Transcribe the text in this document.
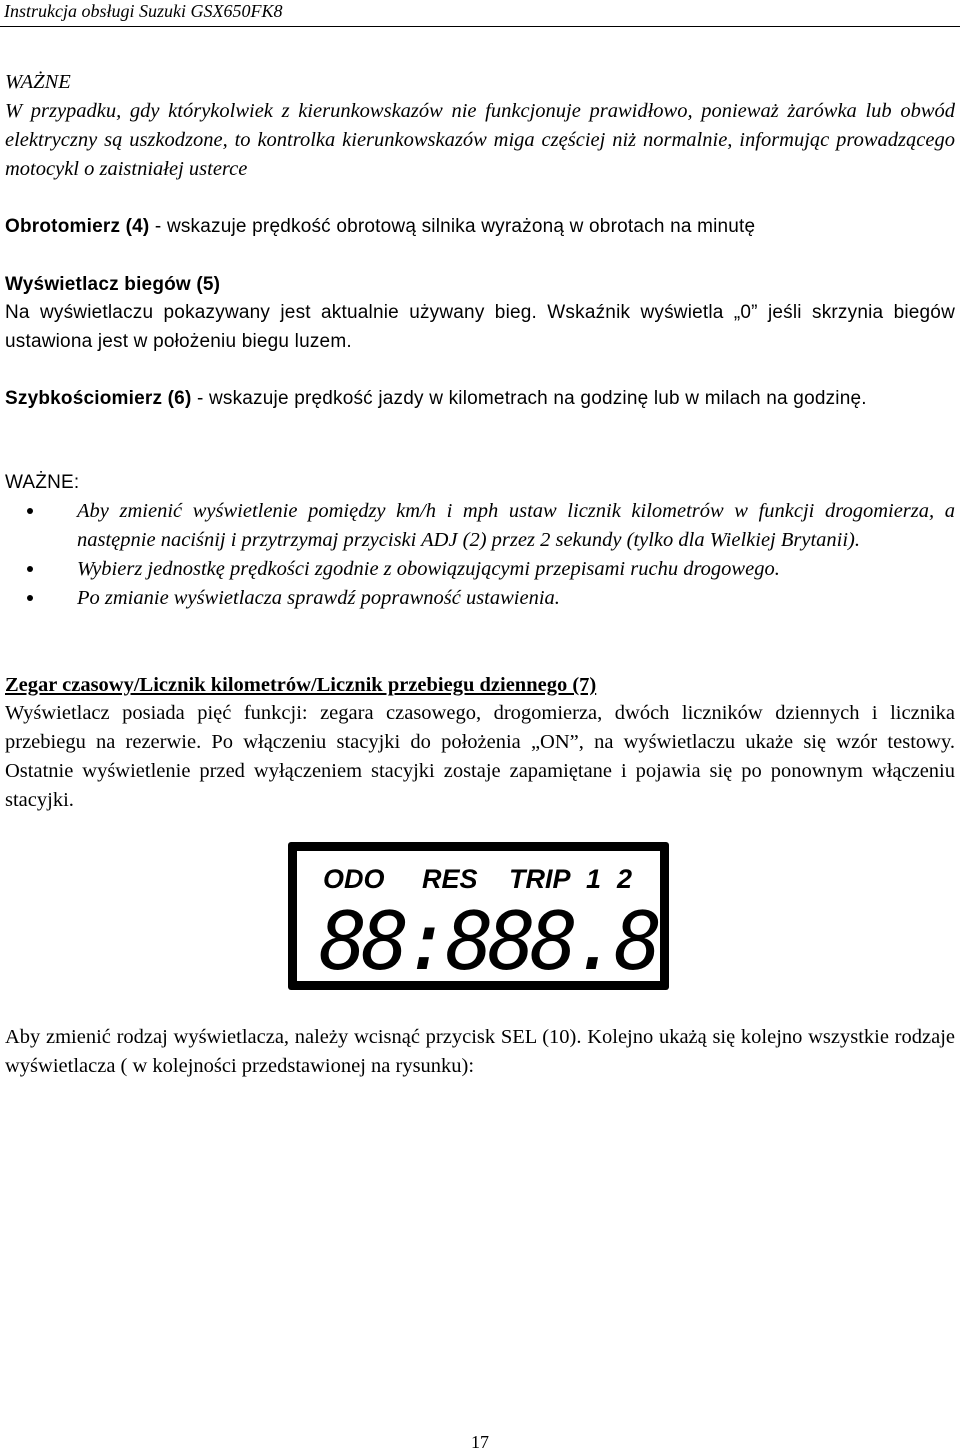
Instrukcja obsługi Suzuki GSX650FK8
WAŻNE
W przypadku, gdy którykolwiek z kierunkowskazów nie funkcjonuje prawidłowo, ponieważ żarówka lub obwód elektryczny są uszkodzone, to kontrolka kierunkowskazów miga częściej niż normalnie, informując prowadzącego motocykl o zaistniałej usterce
Obrotomierz (4) - wskazuje prędkość obrotową silnika wyrażoną w obrotach na minutę
Wyświetlacz biegów (5)
Na wyświetlaczu pokazywany jest aktualnie używany bieg. Wskaźnik wyświetla „0” jeśli skrzynia biegów ustawiona jest w położeniu biegu luzem.
Szybkościomierz (6) - wskazuje prędkość jazdy w kilometrach na godzinę lub w milach na godzinę.
WAŻNE:
Aby zmienić wyświetlenie pomiędzy km/h i mph ustaw licznik kilometrów w funkcji drogomierza, a następnie naciśnij i przytrzymaj przyciski ADJ (2) przez 2 sekundy (tylko dla Wielkiej Brytanii).
Wybierz jednostkę prędkości zgodnie z obowiązującymi przepisami ruchu drogowego.
Po zmianie wyświetlacza sprawdź poprawność ustawienia.
Zegar czasowy/Licznik kilometrów/Licznik przebiegu dziennego (7)
Wyświetlacz posiada pięć funkcji: zegara czasowego, drogomierza, dwóch liczników dziennych i licznika przebiegu na rezerwie. Po włączeniu stacyjki do położenia „ON”, na wyświetlaczu ukaże się wzór testowy. Ostatnie wyświetlenie przed wyłączeniem stacyjki zostaje zapamiętane i pojawia się po ponownym włączeniu stacyjki.
ODO RES TRIP 1 2
88:888.8
Aby zmienić rodzaj wyświetlacza, należy wcisnąć przycisk SEL (10). Kolejno ukażą się kolejno wszystkie rodzaje wyświetlacza ( w kolejności przedstawionej na rysunku):
17
